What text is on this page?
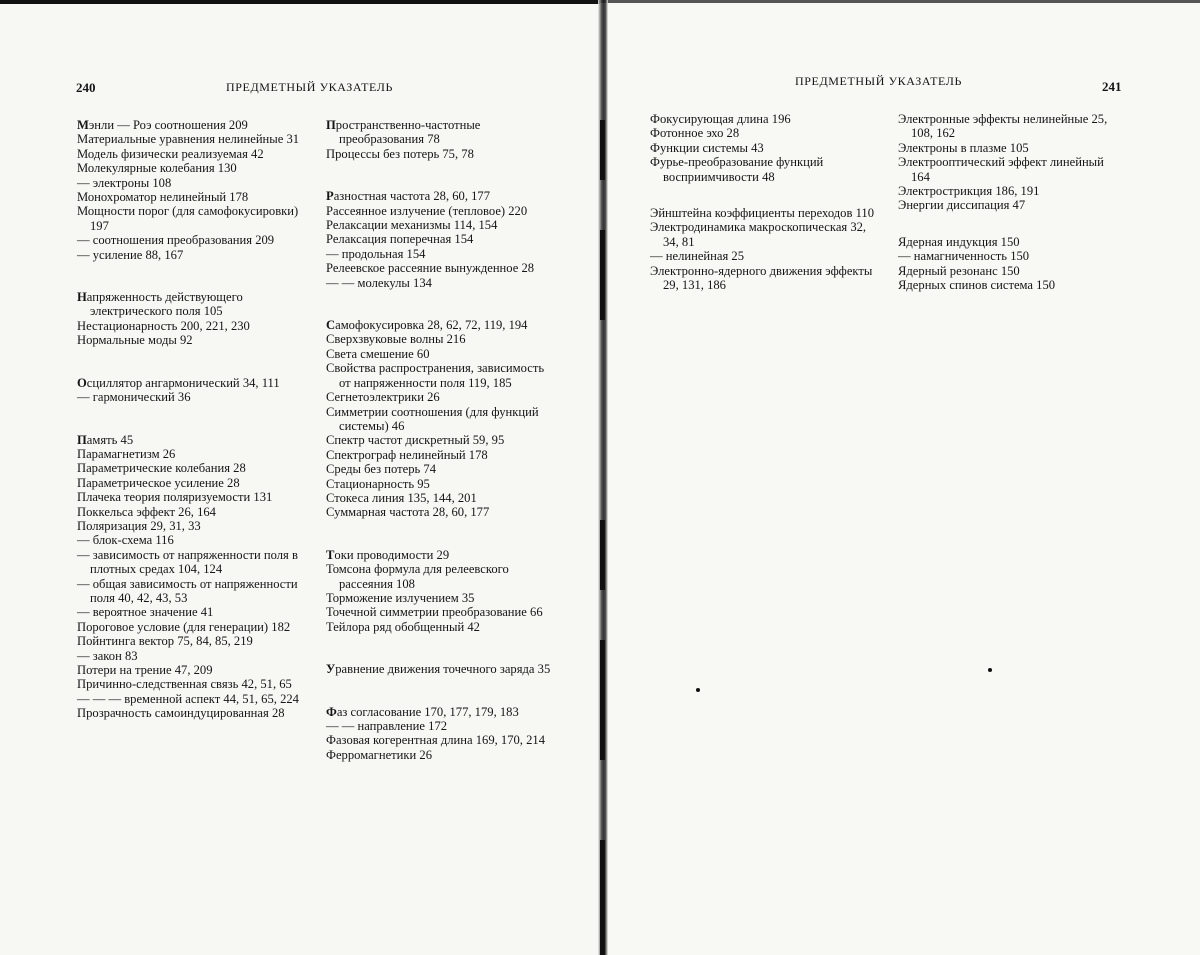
240	ПРЕДМЕТНЫЙ УКАЗАТЕЛЬ
Мэнли — Роэ соотношения 209
Материальные уравнения нелинейные 31
Модель физически реализуемая 42
Молекулярные колебания 130
— электроны 108
Монохроматор нелинейный 178
Мощности порог (для самофокусировки) 197
— соотношения преобразования 209
— усиление 88, 167
Напряженность действующего электрического поля 105
Нестационарность 200, 221, 230
Нормальные моды 92
Осциллятор ангармонический 34, 111
— гармонический 36
Память 45
Парамагнетизм 26
Параметрические колебания 28
Параметрическое усиление 28
Плачека теория поляризуемости 131
Поккельса эффект 26, 164
Поляризация 29, 31, 33
— блок-схема 116
— зависимость от напряженности поля в плотных средах 104, 124
— общая зависимость от напряженности поля 40, 42, 43, 53
— вероятное значение 41
Пороговое условие (для генерации) 182
Пойнтинга вектор 75, 84, 85, 219
— закон 83
Потери на трение 47, 209
Причинно-следственная связь 42, 51, 65
— — — временной аспект 44, 51, 65, 224
Прозрачность самоиндуцированная 28
Пространственно-частотные преобразования 78
Процессы без потерь 75, 78
Разностная частота 28, 60, 177
Рассеянное излучение (тепловое) 220
Релаксации механизмы 114, 154
Релаксация поперечная 154
— продольная 154
Релеевское рассеяние вынужденное 28
— — молекулы 134
Самофокусировка 28, 62, 72, 119, 194
Сверхзвуковые волны 216
Света смешение 60
Свойства распространения, зависимость от напряженности поля 119, 185
Сегнетоэлектрики 26
Симметрии соотношения (для функций системы) 46
Спектр частот дискретный 59, 95
Спектрограф нелинейный 178
Среды без потерь 74
Стационарность 95
Стокеса линия 135, 144, 201
Суммарная частота 28, 60, 177
Токи проводимости 29
Томсона формула для релеевского рассеяния 108
Торможение излучением 35
Точечной симметрии преобразование 66
Тейлора ряд обобщенный 42
Уравнение движения точечного заряда 35
Фаз согласование 170, 177, 179, 183
— — направление 172
Фазовая когерентная длина 169, 170, 214
Ферромагнетики 26
ПРЕДМЕТНЫЙ УКАЗАТЕЛЬ	241
Фокусирующая длина 196
Фотонное эхо 28
Функции системы 43
Фурье-преобразование функций восприимчивости 48
Эйнштейна коэффициенты переходов 110
Электродинамика макроскопическая 32, 34, 81
— нелинейная 25
Электронно-ядерного движения эффекты 29, 131, 186
Электронные эффекты нелинейные 25, 108, 162
Электроны в плазме 105
Электрооптический эффект линейный 164
Электрострикция 186, 191
Энергии диссипация 47
Ядерная индукция 150
— намагниченность 150
Ядерный резонанс 150
Ядерных спинов система 150
